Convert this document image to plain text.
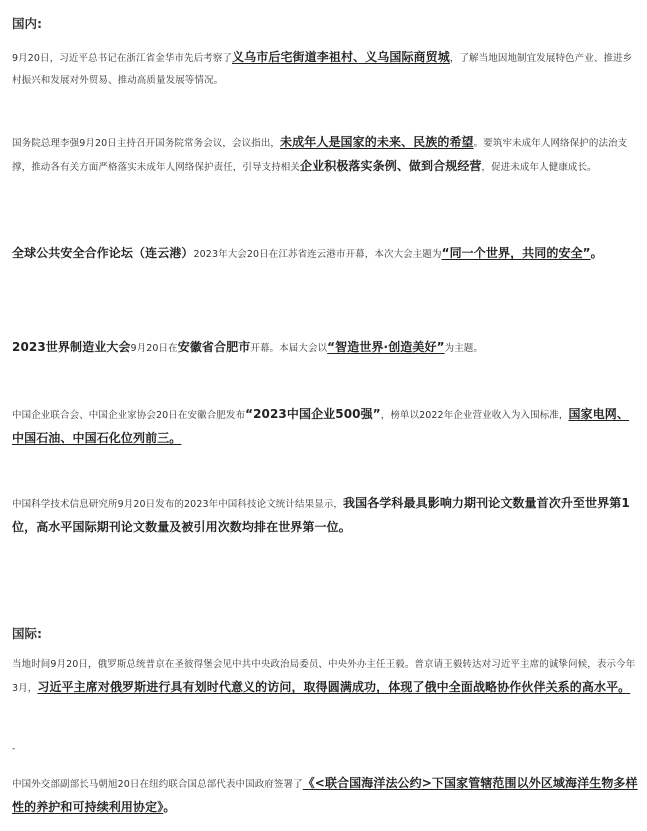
国内:

9月20日，习近平总书记在浙江省金华市先后考察了义乌市后宅街道李祖村、义乌国际商贸城，了解当地因地制宜发展特色产业、推进乡村振兴和发展对外贸易、推动高质量发展等情况。

国务院总理李强9月20日主持召开国务院常务会议，会议指出，未成年人是国家的未来、民族的希望。要筑牢未成年人网络保护的法治支撑，推动各有关方面严格落实未成年人网络保护责任，引导支持相关企业积极落实条例、做到合规经营，促进未成年人健康成长。

全球公共安全合作论坛（连云港）2023年大会20日在江苏省连云港市开幕，本次大会主题为“同一个世界，共同的安全”。

2023世界制造业大会9月20日在安徽省合肥市开幕。本届大会以“智造世界·创造美好”为主题。

中国企业联合会、中国企业家协会20日在安徽合肥发布“2023中国企业500强”，榜单以2022年企业营业收入为入围标准，国家电网、中国石油、中国石化位列前三。

中国科学技术信息研究所9月20日发布的2023年中国科技论文统计结果显示，我国各学科最具影响力期刊论文数量首次升至世界第1位，高水平国际期刊论文数量及被引用次数均排在世界第一位。

国际:

当地时间9月20日，俄罗斯总统普京在圣彼得堡会见中共中央政治局委员、中央外办主任王毅。普京请王毅转达对习近平主席的诚挚问候，表示今年3月，习近平主席对俄罗斯进行具有划时代意义的访问，取得圆满成功，体现了俄中全面战略协作伙伴关系的高水平。

-

中国外交部副部长马朝旭20日在纽约联合国总部代表中国政府签署了《<联合国海洋法公约>下国家管辖范围以外区域海洋生物多样性的养护和可持续利用协定》。
